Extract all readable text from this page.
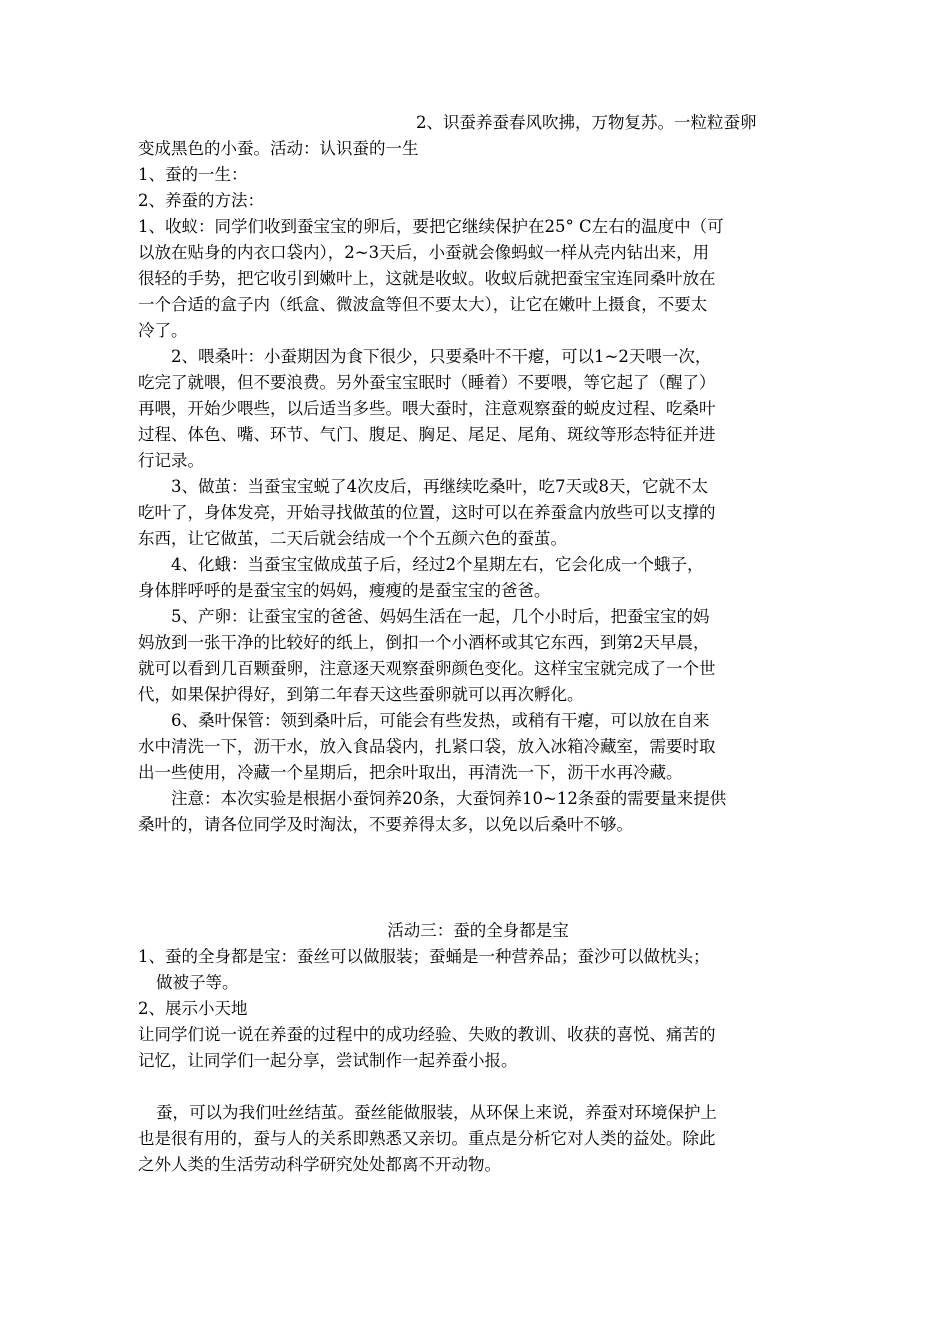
2、识蚕养蚕春风吹拂，万物复苏。一粒粒蚕卵
变成黑色的小蚕。活动：认识蚕的一生
1、蚕的一生：
2、养蚕的方法：
1、收蚁：同学们收到蚕宝宝的卵后，要把它继续保护在25° C左右的温度中（可
以放在贴身的内衣口袋内），2~3天后，小蚕就会像蚂蚁一样从壳内钻出来，用
很轻的手势，把它收引到嫩叶上，这就是收蚁。收蚁后就把蚕宝宝连同桑叶放在
一个合适的盒子内（纸盒、微波盒等但不要太大），让它在嫩叶上摄食，不要太
冷了。
2、喂桑叶：小蚕期因为食下很少，只要桑叶不干瘪，可以1~2天喂一次，
吃完了就喂，但不要浪费。另外蚕宝宝眠时（睡着）不要喂，等它起了（醒了）
再喂，开始少喂些，以后适当多些。喂大蚕时，注意观察蚕的蜕皮过程、吃桑叶
过程、体色、嘴、环节、气门、腹足、胸足、尾足、尾角、斑纹等形态特征并进
行记录。
3、做茧：当蚕宝宝蜕了4次皮后，再继续吃桑叶，吃7天或8天，它就不太
吃叶了，身体发亮，开始寻找做茧的位置，这时可以在养蚕盒内放些可以支撑的
东西，让它做茧，二天后就会结成一个个五颜六色的蚕茧。
4、化蛾：当蚕宝宝做成茧子后，经过2个星期左右，它会化成一个蛾子，
身体胖呼呼的是蚕宝宝的妈妈，瘦瘦的是蚕宝宝的爸爸。
5、产卵：让蚕宝宝的爸爸、妈妈生活在一起，几个小时后，把蚕宝宝的妈
妈放到一张干净的比较好的纸上，倒扣一个小酒杯或其它东西，到第2天早晨，
就可以看到几百颗蚕卵，注意逐天观察蚕卵颜色变化。这样宝宝就完成了一个世
代，如果保护得好，到第二年春天这些蚕卵就可以再次孵化。
6、桑叶保管：领到桑叶后，可能会有些发热，或稍有干瘪，可以放在自来
水中清洗一下，沥干水，放入食品袋内，扎紧口袋，放入冰箱冷藏室，需要时取
出一些使用，冷藏一个星期后，把余叶取出，再清洗一下，沥干水再冷藏。
注意：本次实验是根据小蚕饲养20条，大蚕饲养10~12条蚕的需要量来提供
桑叶的，请各位同学及时淘汰，不要养得太多，以免以后桑叶不够。
活动三：蚕的全身都是宝
1、蚕的全身都是宝：蚕丝可以做服装；蚕蛹是一种营养品；蚕沙可以做枕头；
做被子等。
2、展示小天地
让同学们说一说在养蚕的过程中的成功经验、失败的教训、收获的喜悦、痛苦的
记忆，让同学们一起分享，尝试制作一起养蚕小报。
蚕，可以为我们吐丝结茧。蚕丝能做服装，从环保上来说，养蚕对环境保护上
也是很有用的，蚕与人的关系即熟悉又亲切。重点是分析它对人类的益处。除此
之外人类的生活劳动科学研究处处都离不开动物。
